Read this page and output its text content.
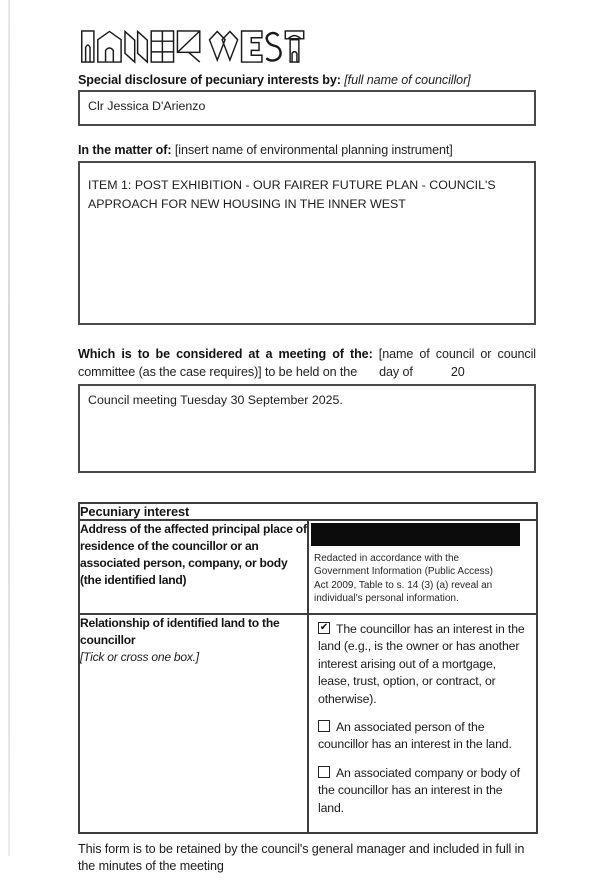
Special disclosure of pecuniary interests by: [full name of councillor]

Clr Jessica D'Arienzo

In the matter of: [insert name of environmental planning instrument]

ITEM 1: POST EXHIBITION - OUR FAIRER FUTURE PLAN - COUNCIL'S APPROACH FOR NEW HOUSING IN THE INNER WEST

Which is to be considered at a meeting of the: [name of council or council committee (as the case requires)] to be held on the day of	20

Council meeting Tuesday 30 September 2025.
Pecuniary interest	
Address of the affected principal place of residence of the councillor or an associated person, company, or body (the identified land)	Redacted in accordance with the Government Information (Public Access) Act 2009, Table to s. 14 (3) (a) reveal an individual's personal information.

Relationship of identified land to the councillor
[Tick or cross one box.]	

✔ The councillor has an interest in the land (e.g., is the owner or has another interest arising out of a mortgage, lease, trust, option, or contract, or otherwise).

An associated person of the councillor has an interest in the land.

An associated company or body of the councillor has an interest in the land.

This form is to be retained by the council's general manager and included in full in the minutes of the meeting
